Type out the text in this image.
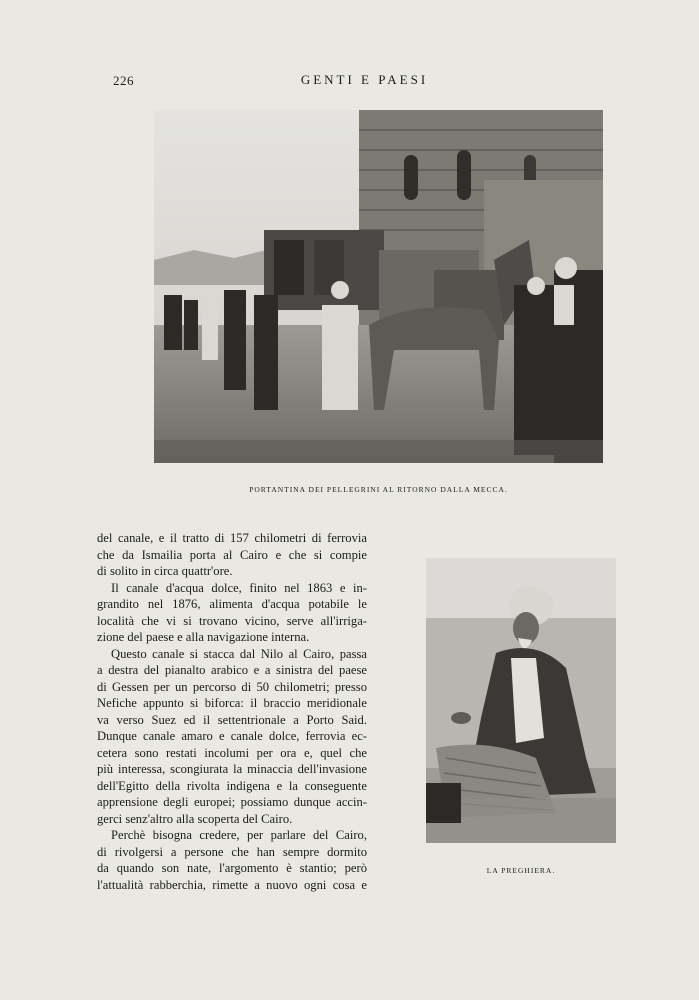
226	GENTI E PAESI
PORTANTINA DEI PELLEGRINI AL RITORNO DALLA MECCA.
LA PREGHIERA.

del canale, e il tratto di 157 chilometri di ferrovia

che da Ismailia porta al Cairo e che si compie

di solito in circa quattr'ore.

Il canale d'acqua dolce, finito nel 1863 e in-

grandito nel 1876, alimenta d'acqua potabile le

località che vi si trovano vicino, serve all'irriga-

zione del paese e alla navigazione interna.

Questo canale si stacca dal Nilo al Cairo, passa

a destra del pianalto arabico e a sinistra del paese

di Gessen per un percorso di 50 chilometri; presso

Nefiche appunto si biforca: il braccio meridionale

va verso Suez ed il settentrionale a Porto Said.

Dunque canale amaro e canale dolce, ferrovia ec-

cetera sono restati incolumi per ora e, quel che

più interessa, scongiurata la minaccia dell'invasione

dell'Egitto della rivolta indigena e la conseguente

apprensione degli europei; possiamo dunque accin-

gerci senz'altro alla scoperta del Cairo.

Perchè bisogna credere, per parlare del Cairo,

di rivolgersi a persone che han sempre dormito

da quando son nate, l'argomento è stantio; però

l'attualità rabberchia, rimette a nuovo ogni cosa e
